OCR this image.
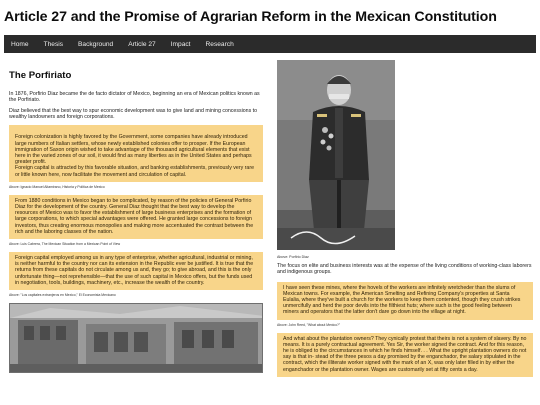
Article 27 and the Promise of Agrarian Reform in the Mexican Constitution
Home Thesis Background Article 27 Impact Research
The Porfiriato

In 1876, Porfirio Diaz became the de facto dictator of Mexico, beginning an era of Mexican politics known as the Porfiriato.

Diaz believed that the best way to spur economic development was to give land and mining concessions to wealthy landowners and foreign corporations.

Foreign colonization is highly favored by the Government, some companies have already introduced large numbers of Italian settlers, whose newly established colonies offer to prosper. If the European immigration of Saxon origin wished to take advantage of the thousand agricultural elements that exist here in the varied zones of our soil, it would find as many liberties as in the United States and perhaps greater profit.
Foreign capital is attracted by this favorable situation, and banking establishments, previously very rare or little known here, now facilitate the movement and circulation of capital.

Above: Ignacio Manuel Altamirano, Historia y Politica de Mexico
From 1880 conditions in Mexico began to be complicated, by reason of the policies of General Porfirio Diaz for the development of the country. General Diaz thought that the best way to develop the resources of Mexico was to favor the establishment of large business enterprises and the formation of large corporations, to which special advantages were offered. He granted large concessions to foreign investors, thus creating enormous monopolies and making more accentuated the contrast between the rich and the laboring classes of the nation.
Above: Luis Cabrera, The Mexican Situation from a Mexican Point of View
Foreign capital employed among us in any type of enterprise, whether agricultural, industrial or mining, is neither harmful to the country nor can its extension in the Republic ever be justified. It is true that the returns from these capitals do not circulate among us and, they go; to give abroad, and this is the only unfortunate thing—not reprehensible—that the use of such capital in Mexico offers, but the funds used in negotiation, tools, buildings, machinery, etc., increase the wealth of the country.
Above: "Los capitales extranjeros en Mexico," El Economista Mexicano
Above: Porfirio Diaz

The focus on elite and business interests was at the expense of the living conditions of working-class laborers and indigenous groups.

I have seen these mines, where the hovels of the workers are infinitely wretcheder than the slums of Mexican towns. For example, the American Smelting and Refining Company's properties at Santa Eulalia, where they've built a church for the workers to keep them contented, though they crush strikes unmercifully and herd the poor devils into the filthiest huts; where such is the good feeling between miners and operators that the latter don't dare go down into the village at night.
Above: John Reed, "What about Mexico?"
And what about the plantation owners? They cynically protest that theirs is not a system of slavery. By no means. It is a purely contractual agreement. Yes Sir, the worker signed the contract. And for this reason, he is obliged to the circumstances in which he finds himself. . . What the upright plantation owners do not say is that in- stead of the three pesos a day promised by the enganchador, the salary stipulated in the contract, which the illiterate worker signed with the mark of an X, was only later filled in by either the enganchador or the plantation owner. Wages are customarily set at fifty cents a day.
